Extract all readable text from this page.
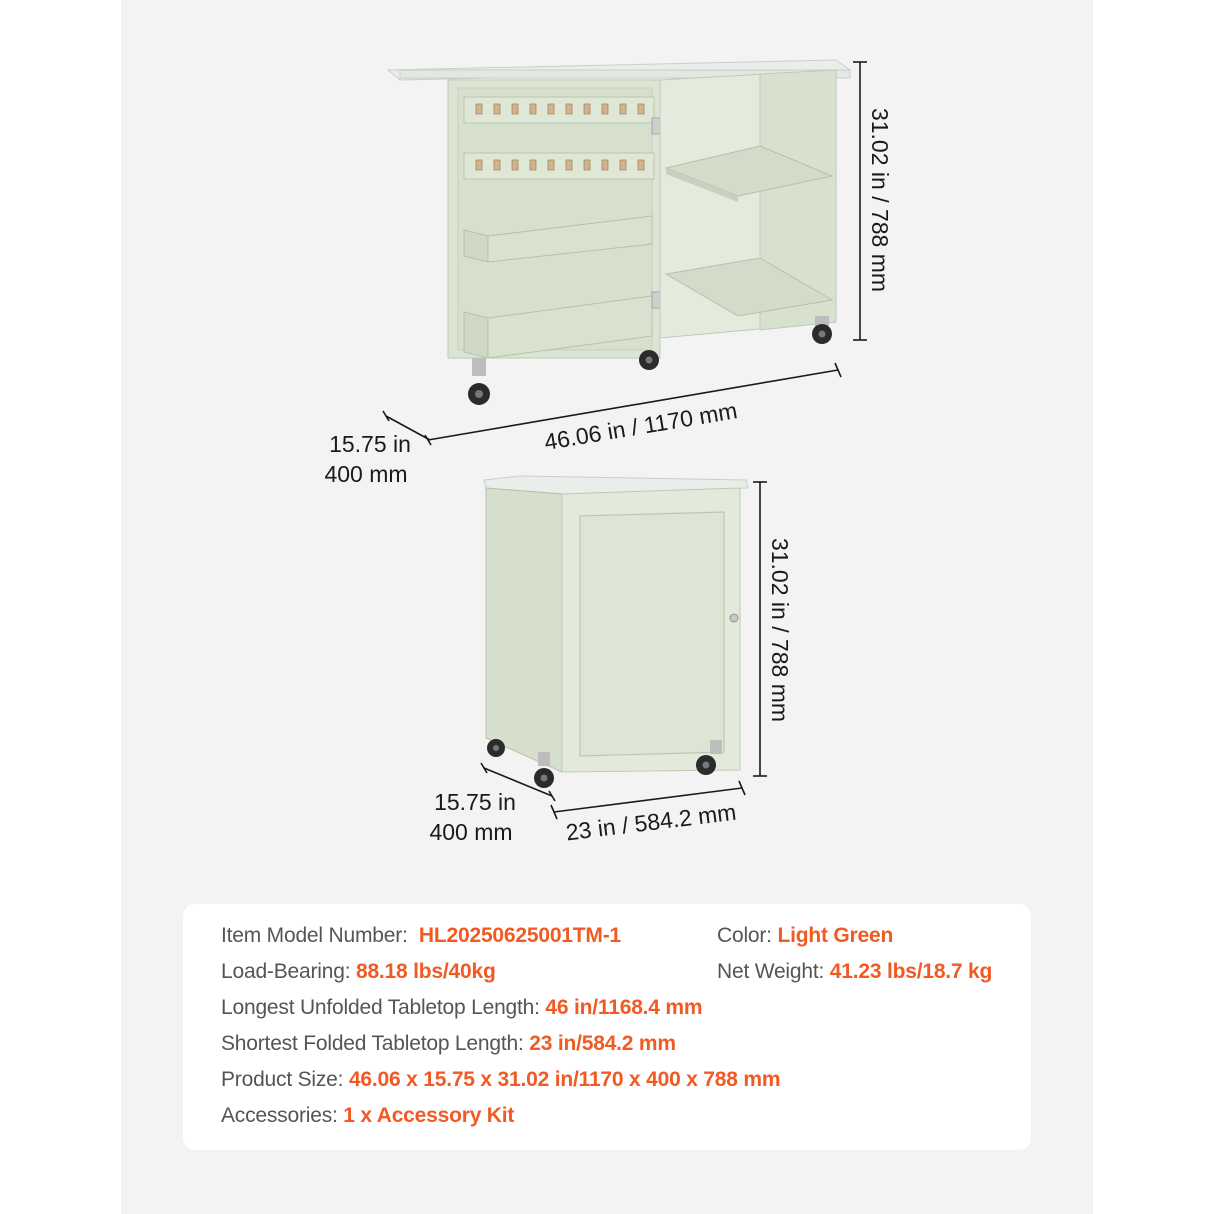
31.02 in / 788 mm
46.06 in / 1170 mm
15.75 in
400 mm
31.02 in / 788 mm
23 in / 584.2 mm
15.75 in
400 mm
Item Model Number: HL20250625001TM-1	Color: Light Green
Load-Bearing: 88.18 lbs/40kg	Net Weight: 41.23 lbs/18.7 kg
Longest Unfolded Tabletop Length: 46 in/1168.4 mm
Shortest Folded Tabletop Length: 23 in/584.2 mm
Product Size: 46.06 x 15.75 x 31.02 in/1170 x 400 x 788 mm
Accessories: 1 x Accessory Kit
